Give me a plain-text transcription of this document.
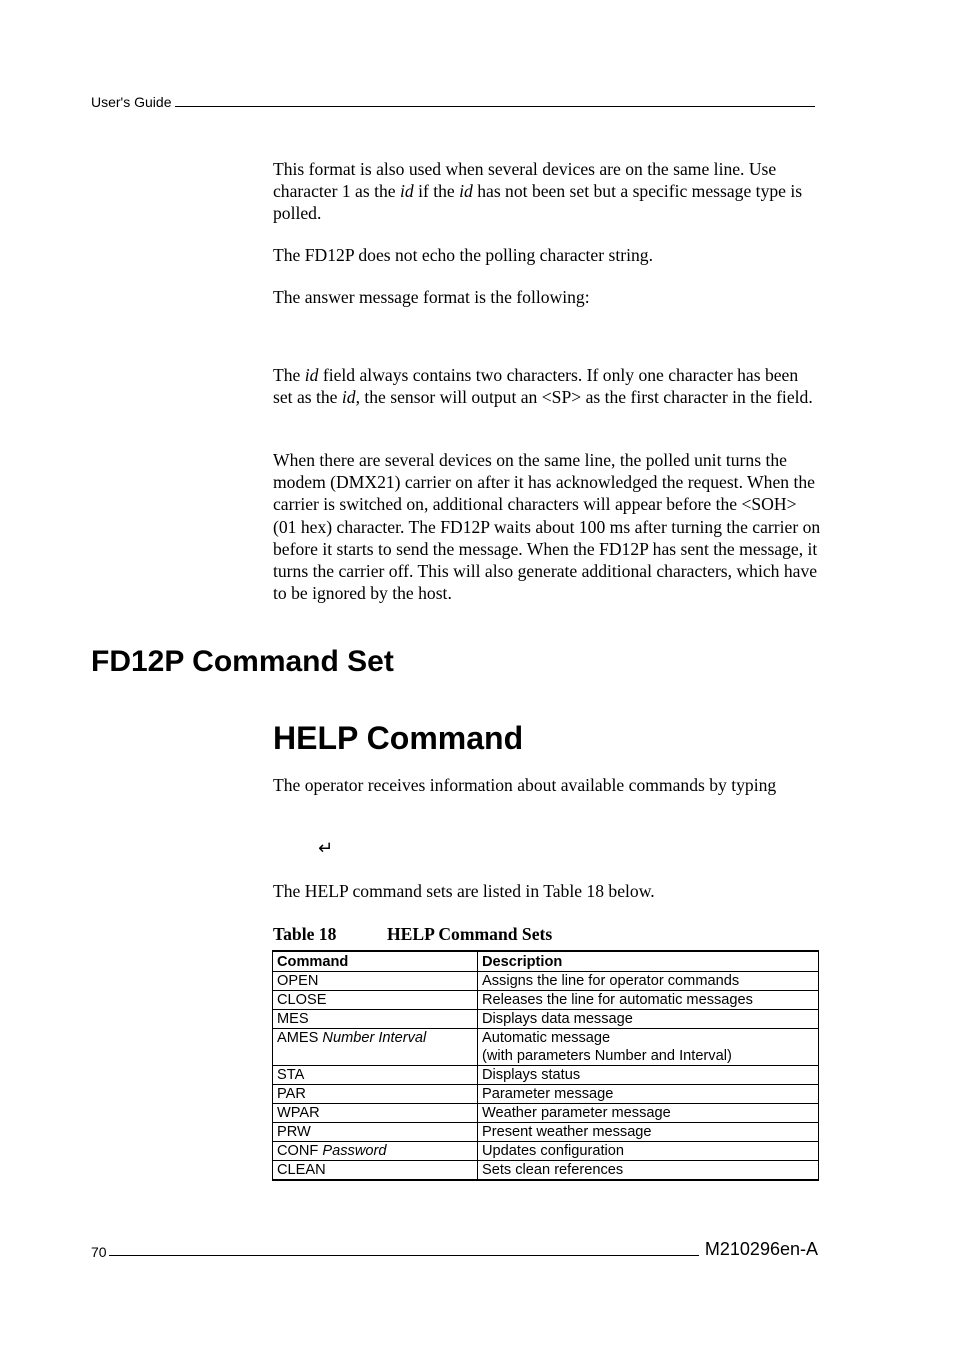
User's Guide

This format is also used when several devices are on the same line. Use character 1 as the id if the id has not been set but a specific message type is polled.

The FD12P does not echo the polling character string.

The answer message format is the following:

The id field always contains two characters. If only one character has been set as the id, the sensor will output an <SP> as the first character in the field.

When there are several devices on the same line, the polled unit turns the modem (DMX21) carrier on after it has acknowledged the request. When the carrier is switched on, additional characters will appear before the <SOH> (01 hex) character. The FD12P waits about 100 ms after turning the carrier on before it starts to send the message. When the FD12P has sent the message, it turns the carrier off. This will also generate additional characters, which have to be ignored by the host.

FD12P Command Set
HELP Command

The operator receives information about available commands by typing

↵

The HELP command sets are listed in Table 18 below.

Table 18	HELP Command Sets
Command	Description
OPEN	Assigns the line for operator commands

CLOSE	Releases the line for automatic messages

MES	Displays data message

AMES Number Interval	Automatic message
(with parameters Number and Interval)

STA	Displays status

PAR	Parameter message

WPAR	Weather parameter message

PRW	Present weather message

CONF Password	Updates configuration

CLEAN	Sets clean references
70	M210296en-A
